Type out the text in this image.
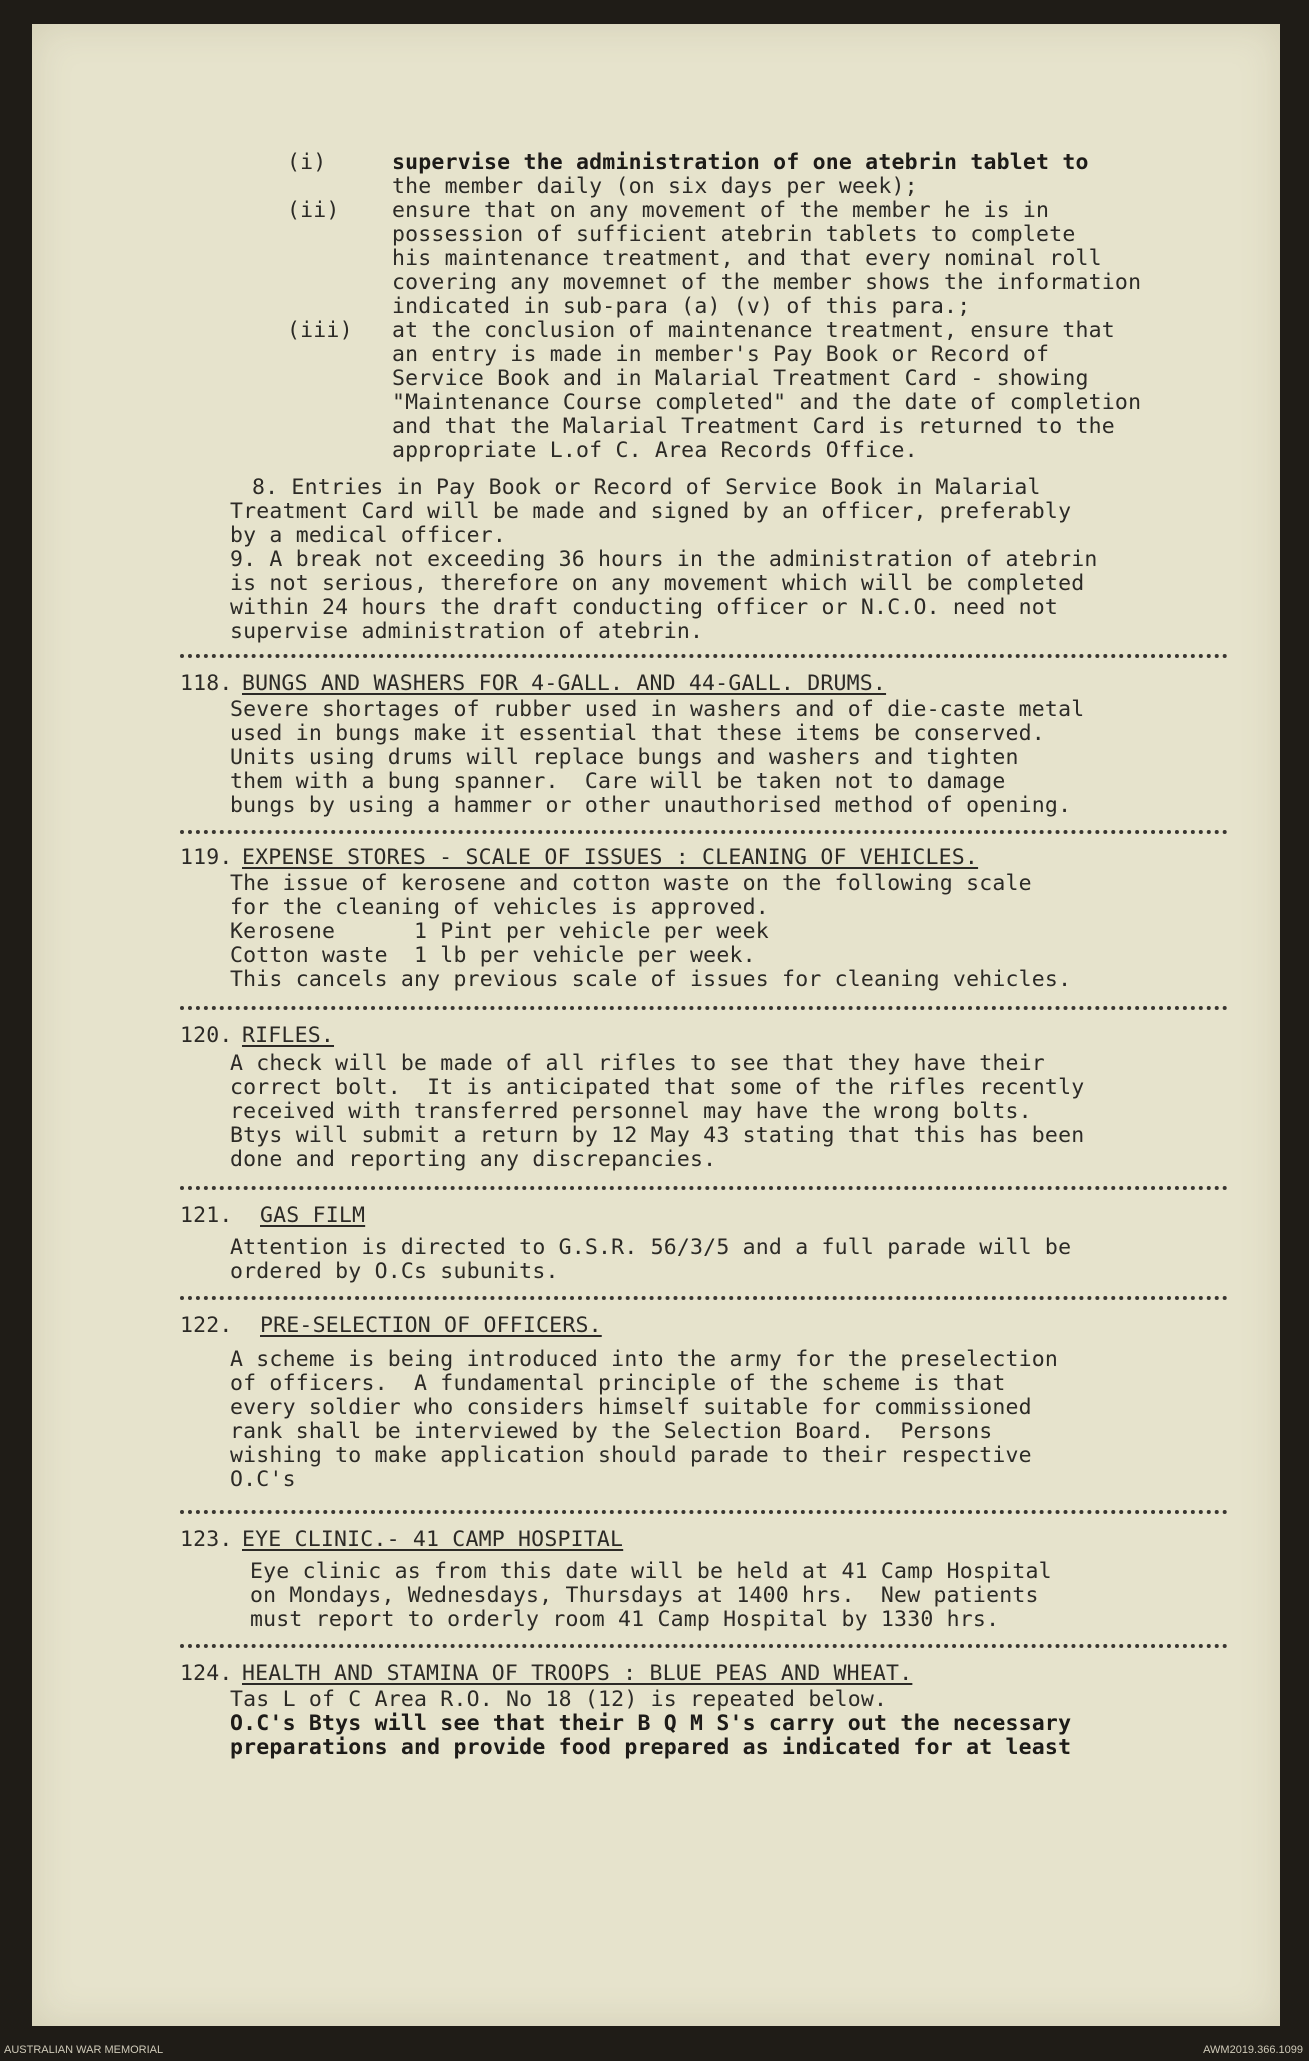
(i)	supervise the administration of one atebrin tablet to
the member daily (on six days per week);
(ii) ensure that on any movement of the member he is in
possession of sufficient atebrin tablets to complete
his maintenance treatment, and that every nominal roll
covering any movemnet of the member shows the information
indicated in sub-para (a) (v) of this para.;
(iii) at the conclusion of maintenance treatment, ensure that
an entry is made in member's Pay Book or Record of
Service Book and in Malarial Treatment Card - showing
"Maintenance Course completed" and the date of completion
and that the Malarial Treatment Card is returned to the
appropriate L.of C. Area Records Office.
8. Entries in Pay Book or Record of Service Book in Malarial
Treatment Card will be made and signed by an officer, preferably
by a medical officer.
9. A break not exceeding 36 hours in the administration of atebrin
is not serious, therefore on any movement which will be completed
within 24 hours the draft conducting officer or N.C.O. need not
supervise administration of atebrin.
118. BUNGS AND WASHERS FOR 4-GALL. AND 44-GALL. DRUMS.
Severe shortages of rubber used in washers and of die-caste metal
used in bungs make it essential that these items be conserved.
Units using drums will replace bungs and washers and tighten
them with a bung spanner.  Care will be taken not to damage
bungs by using a hammer or other unauthorised method of opening.
119. EXPENSE STORES - SCALE OF ISSUES : CLEANING OF VEHICLES.
The issue of kerosene and cotton waste on the following scale
for the cleaning of vehicles is approved.
Kerosene      1 Pint per vehicle per week
Cotton waste  1 lb per vehicle per week.
This cancels any previous scale of issues for cleaning vehicles.
120. RIFLES.
A check will be made of all rifles to see that they have their
correct bolt.  It is anticipated that some of the rifles recently
received with transferred personnel may have the wrong bolts.
Btys will submit a return by 12 May 43 stating that this has been
done and reporting any discrepancies.
121. GAS FILM
Attention is directed to G.S.R. 56/3/5 and a full parade will be
ordered by O.Cs subunits.
122. PRE-SELECTION OF OFFICERS.
A scheme is being introduced into the army for the preselection
of officers.  A fundamental principle of the scheme is that
every soldier who considers himself suitable for commissioned
rank shall be interviewed by the Selection Board.  Persons
wishing to make application should parade to their respective
O.C's
123. EYE CLINIC.- 41 CAMP HOSPITAL
Eye clinic as from this date will be held at 41 Camp Hospital
on Mondays, Wednesdays, Thursdays at 1400 hrs.  New patients
must report to orderly room 41 Camp Hospital by 1330 hrs.
124. HEALTH AND STAMINA OF TROOPS : BLUE PEAS AND WHEAT.
Tas L of C Area R.O. No 18 (12) is repeated below.
O.C's Btys will see that their B Q M S's carry out the necessary
preparations and provide food prepared as indicated for at least
AUSTRALIAN WAR MEMORIAL	AWM2019.366.1099
